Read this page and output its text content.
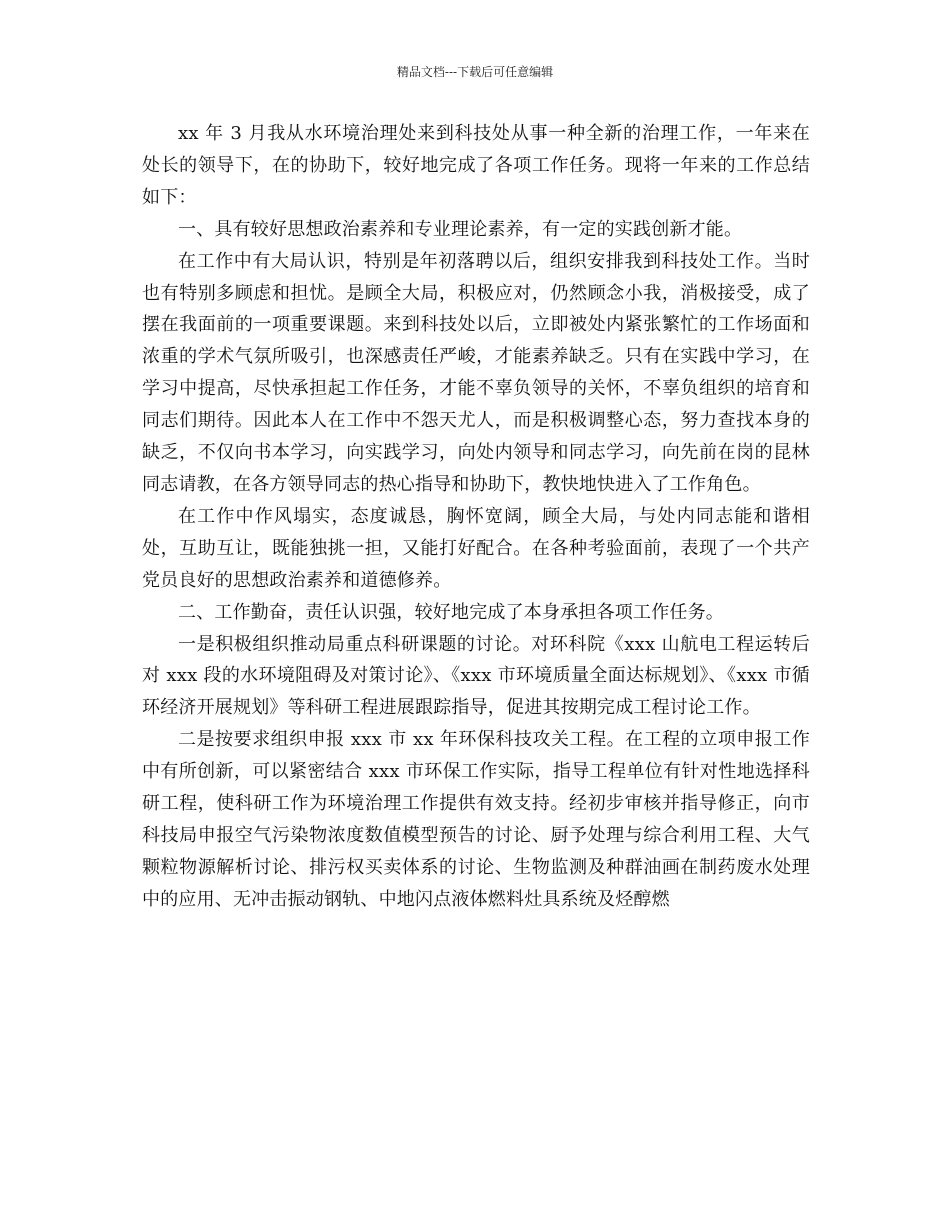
精品文档---下载后可任意编辑

xx 年 3 月我从水环境治理处来到科技处从事一种全新的治理工作，一年来在处长的领导下，在的协助下，较好地完成了各项工作任务。现将一年来的工作总结如下：

一、具有较好思想政治素养和专业理论素养，有一定的实践创新才能。

在工作中有大局认识，特别是年初落聘以后，组织安排我到科技处工作。当时也有特别多顾虑和担忧。是顾全大局，积极应对，仍然顾念小我，消极接受，成了摆在我面前的一项重要课题。来到科技处以后，立即被处内紧张繁忙的工作场面和浓重的学术气氛所吸引，也深感责任严峻，才能素养缺乏。只有在实践中学习，在学习中提高，尽快承担起工作任务，才能不辜负领导的关怀，不辜负组织的培育和同志们期待。因此本人在工作中不怨天尤人，而是积极调整心态，努力查找本身的缺乏，不仅向书本学习，向实践学习，向处内领导和同志学习，向先前在岗的昆林同志请教，在各方领导同志的热心指导和协助下，教快地快进入了工作角色。

在工作中作风塌实，态度诚恳，胸怀宽阔，顾全大局，与处内同志能和谐相处，互助互让，既能独挑一担，又能打好配合。在各种考验面前，表现了一个共产党员良好的思想政治素养和道德修养。

二、工作勤奋，责任认识强，较好地完成了本身承担各项工作任务。

一是积极组织推动局重点科研课题的讨论。对环科院《xxx 山航电工程运转后对 xxx 段的水环境阻碍及对策讨论》、《xxx 市环境质量全面达标规划》、《xxx 市循环经济开展规划》等科研工程进展跟踪指导，促进其按期完成工程讨论工作。

二是按要求组织申报 xxx 市 xx 年环保科技攻关工程。在工程的立项申报工作中有所创新，可以紧密结合 xxx 市环保工作实际，指导工程单位有针对性地选择科研工程，使科研工作为环境治理工作提供有效支持。经初步审核并指导修正，向市科技局申报空气污染物浓度数值模型预告的讨论、厨予处理与综合利用工程、大气颗粒物源解析讨论、排污权买卖体系的讨论、生物监测及种群油画在制药废水处理中的应用、无冲击振动钢轨、中地闪点液体燃料灶具系统及烃醇燃
